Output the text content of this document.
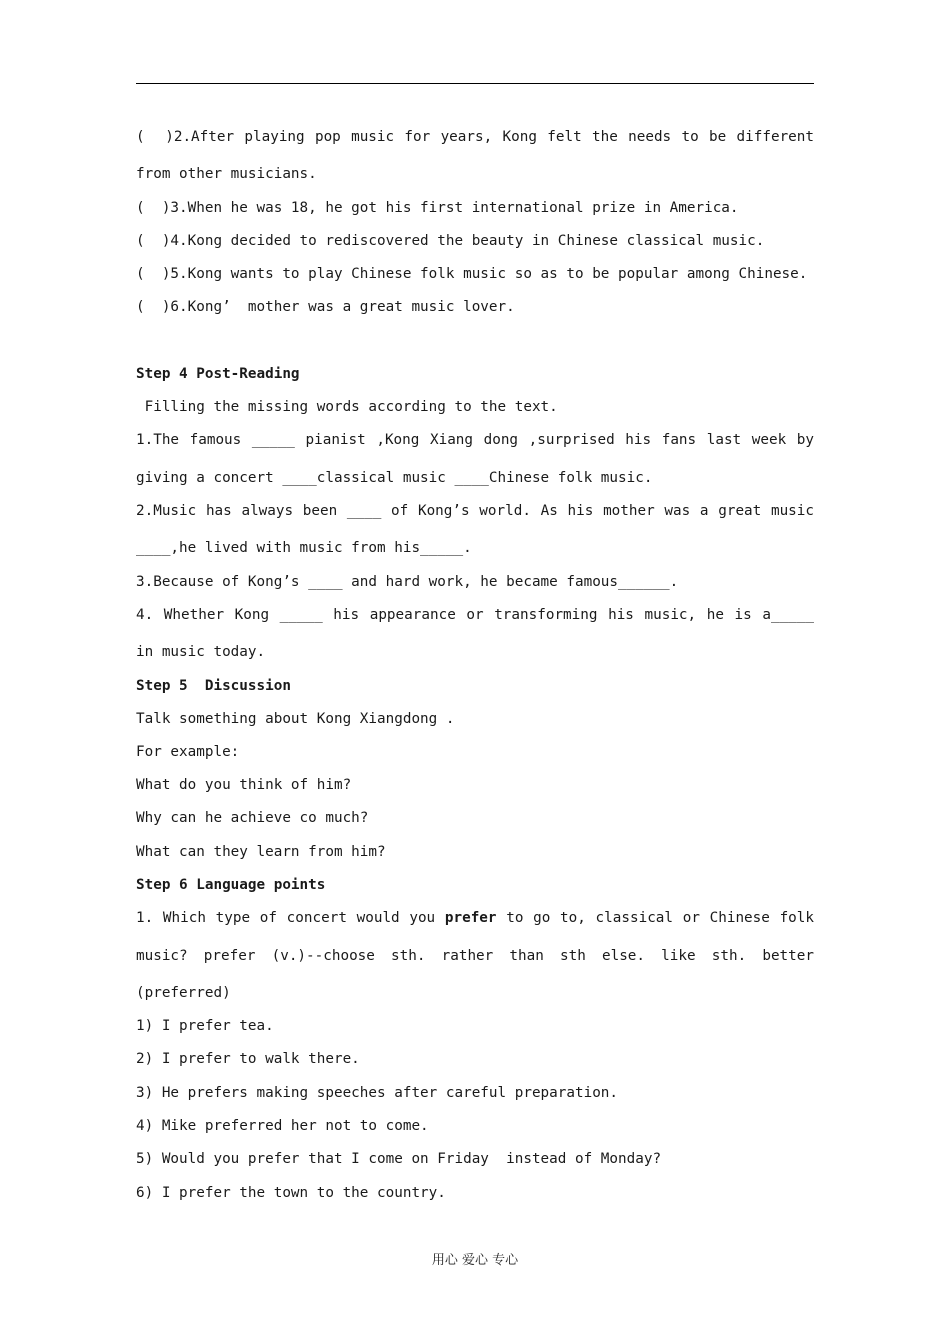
(  )2.After playing pop music for years, Kong felt the needs to be different
from other musicians.
(  )3.When he was 18, he got his first international prize in America.
(  )4.Kong decided to rediscovered the beauty in Chinese classical music.
(  )5.Kong wants to play Chinese folk music so as to be popular among Chinese.
(  )6.Kong’  mother was a great music lover.
Step 4 Post-Reading
Filling the missing words according to the text.
1.The famous _____ pianist ,Kong Xiang dong ,surprised his fans last week by
giving a concert ____classical music ____Chinese folk music.
2.Music has always been ____ of Kong’s world. As his mother was a great music
____,he lived with music from his_____.
3.Because of Kong’s ____ and hard work, he became famous______.
4. Whether Kong _____ his appearance or transforming his music, he is a_____
in music today.
Step 5  Discussion
Talk something about Kong Xiangdong .
For example:
What do you think of him?
Why can he achieve co much?
What can they learn from him?
Step 6 Language points
1. Which type of concert would you prefer to go to, classical or Chinese folk
music? prefer (v.)--choose sth. rather than sth else. like sth. better
(preferred)
1) I prefer tea.
2) I prefer to walk there.
3) He prefers making speeches after careful preparation.
4) Mike preferred her not to come.
5) Would you prefer that I come on Friday  instead of Monday?
6) I prefer the town to the country.
用心 爱心 专心
